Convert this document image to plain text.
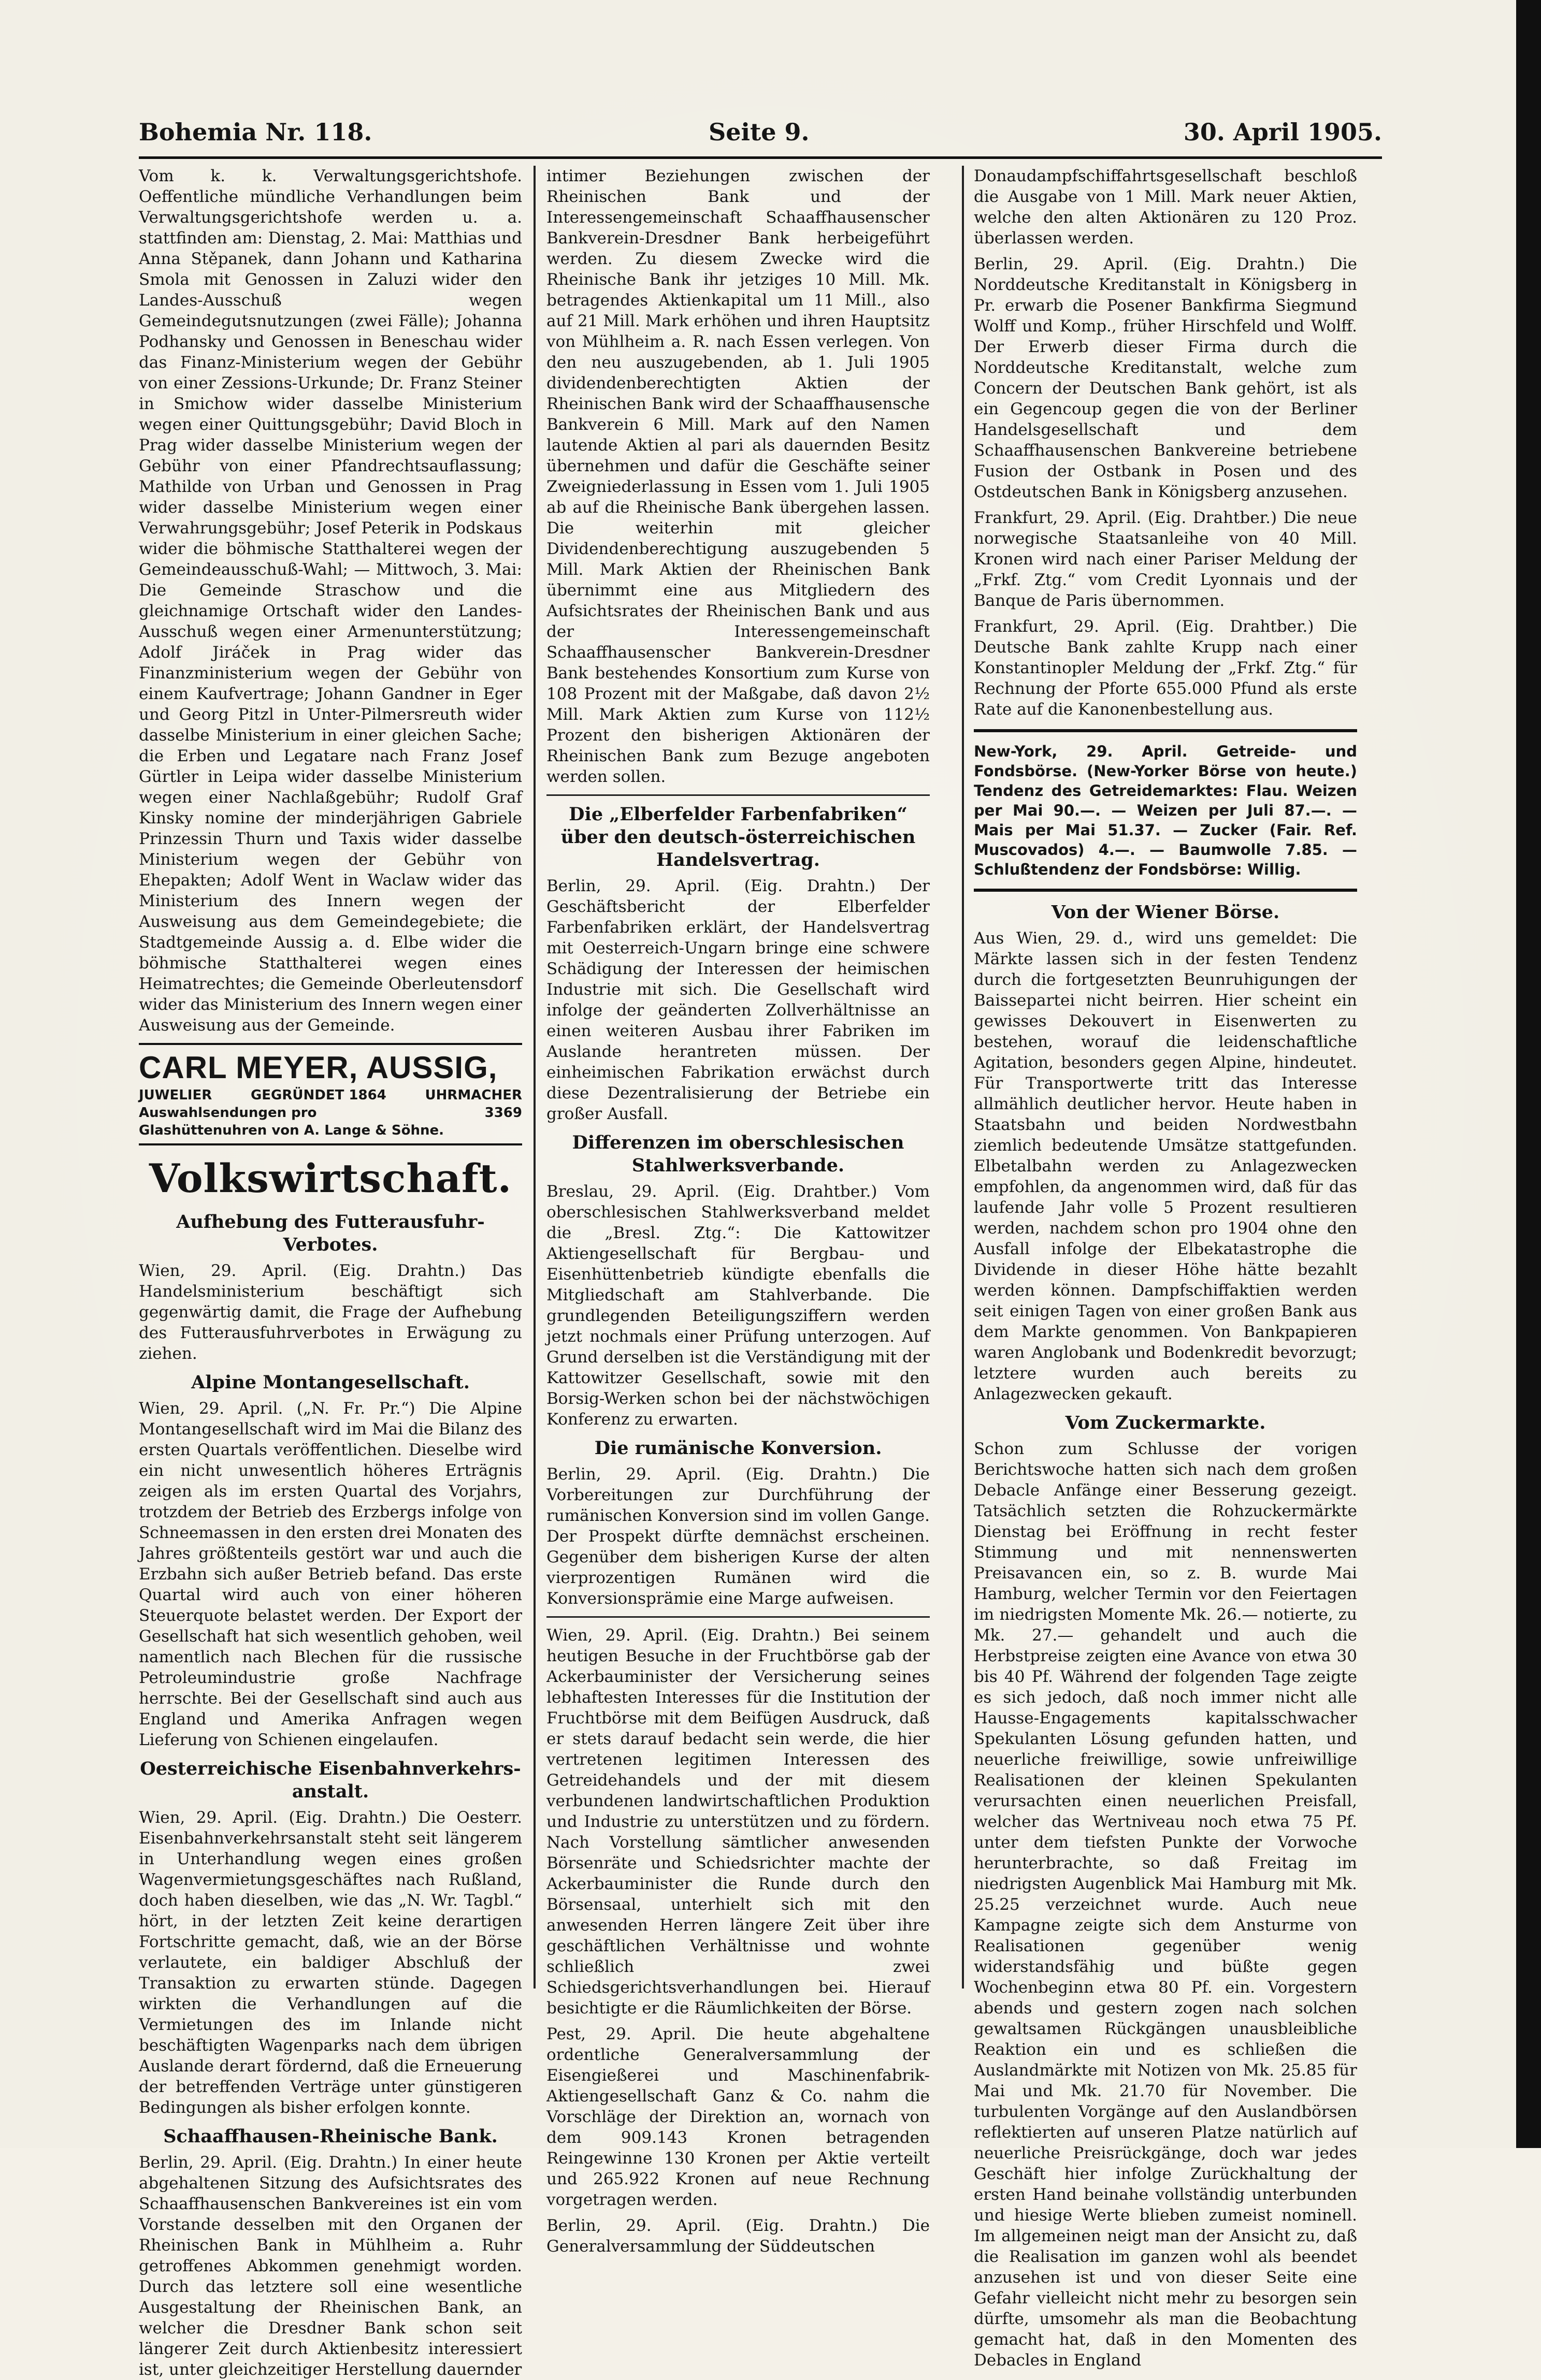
Bohemia Nr. 118.	Seite 9.	30. April 1905.

Vom k. k. Verwaltungsgerichtshofe. Oeffentliche mündliche Verhandlungen beim Verwaltungsgerichtshofe werden u. a. stattfinden am: Dienstag, 2. Mai: Matthias und Anna Stěpanek, dann Johann und Katharina Smola mit Genossen in Zaluzi wider den Landes-Ausschuß wegen Gemeindegutsnutzungen (zwei Fälle); Johanna Podhansky und Genossen in Beneschau wider das Finanz-Ministerium wegen der Gebühr von einer Zessions-Urkunde; Dr. Franz Steiner in Smichow wider dasselbe Ministerium wegen einer Quittungsgebühr; David Bloch in Prag wider dasselbe Ministerium wegen der Gebühr von einer Pfandrechtsauflassung; Mathilde von Urban und Genossen in Prag wider dasselbe Ministerium wegen einer Verwahrungsgebühr; Josef Peterik in Podskaus wider die böhmische Statthalterei wegen der Gemeindeausschuß-Wahl; — Mittwoch, 3. Mai: Die Gemeinde Straschow und die gleichnamige Ortschaft wider den Landes-Ausschuß wegen einer Armenunterstützung; Adolf Jiráček in Prag wider das Finanzministerium wegen der Gebühr von einem Kaufvertrage; Johann Gandner in Eger und Georg Pitzl in Unter-Pilmersreuth wider dasselbe Ministerium in einer gleichen Sache; die Erben und Legatare nach Franz Josef Gürtler in Leipa wider dasselbe Ministerium wegen einer Nachlaßgebühr; Rudolf Graf Kinsky nomine der minderjährigen Gabriele Prinzessin Thurn und Taxis wider dasselbe Ministerium wegen der Gebühr von Ehepakten; Adolf Went in Waclaw wider das Ministerium des Innern wegen der Ausweisung aus dem Gemeindegebiete; die Stadtgemeinde Aussig a. d. Elbe wider die böhmische Statthalterei wegen eines Heimatrechtes; die Gemeinde Oberleutensdorf wider das Ministerium des Innern wegen einer Ausweisung aus der Gemeinde.

CARL MEYER, AUSSIG,
JUWELIER	GEGRÜNDET 1864	UHRMACHER
Auswahlsendungen pro	3369
Glashüttenuhren von A. Lange & Söhne.
Volkswirtschaft.
Aufhebung des Futterausfuhr-Verbotes.

Wien, 29. April. (Eig. Drahtn.) Das Handelsministerium beschäftigt sich gegenwärtig damit, die Frage der Aufhebung des Futterausfuhrverbotes in Erwägung zu ziehen.

Alpine Montangesellschaft.

Wien, 29. April. („N. Fr. Pr.“) Die Alpine Montangesellschaft wird im Mai die Bilanz des ersten Quartals veröffentlichen. Dieselbe wird ein nicht unwesentlich höheres Erträgnis zeigen als im ersten Quartal des Vorjahrs, trotzdem der Betrieb des Erzbergs infolge von Schneemassen in den ersten drei Monaten des Jahres größtenteils gestört war und auch die Erzbahn sich außer Betrieb befand. Das erste Quartal wird auch von einer höheren Steuerquote belastet werden. Der Export der Gesellschaft hat sich wesentlich gehoben, weil namentlich nach Blechen für die russische Petroleumindustrie große Nachfrage herrschte. Bei der Gesellschaft sind auch aus England und Amerika Anfragen wegen Lieferung von Schienen eingelaufen.

Oesterreichische Eisenbahnverkehrs-anstalt.

Wien, 29. April. (Eig. Drahtn.) Die Oesterr. Eisenbahnverkehrsanstalt steht seit längerem in Unterhandlung wegen eines großen Wagenvermietungsgeschäftes nach Rußland, doch haben dieselben, wie das „N. Wr. Tagbl.“ hört, in der letzten Zeit keine derartigen Fortschritte gemacht, daß, wie an der Börse verlautete, ein baldiger Abschluß der Transaktion zu erwarten stünde. Dagegen wirkten die Verhandlungen auf die Vermietungen des im Inlande nicht beschäftigten Wagenparks nach dem übrigen Auslande derart fördernd, daß die Erneuerung der betreffenden Verträge unter günstigeren Bedingungen als bisher erfolgen konnte.

Schaaffhausen-Rheinische Bank.

Berlin, 29. April. (Eig. Drahtn.) In einer heute abgehaltenen Sitzung des Aufsichtsrates des Schaaffhausenschen Bankvereines ist ein vom Vorstande desselben mit den Organen der Rheinischen Bank in Mühlheim a. Ruhr getroffenes Abkommen genehmigt worden. Durch das letztere soll eine wesentliche Ausgestaltung der Rheinischen Bank, an welcher die Dresdner Bank schon seit längerer Zeit durch Aktienbesitz interessiert ist, unter gleichzeitiger Herstellung dauernder

intimer Beziehungen zwischen der Rheinischen Bank und der Interessengemeinschaft Schaaffhausenscher Bankverein-Dresdner Bank herbeigeführt werden. Zu diesem Zwecke wird die Rheinische Bank ihr jetziges 10 Mill. Mk. betragendes Aktienkapital um 11 Mill., also auf 21 Mill. Mark erhöhen und ihren Hauptsitz von Mühlheim a. R. nach Essen verlegen. Von den neu auszugebenden, ab 1. Juli 1905 dividendenberechtigten Aktien der Rheinischen Bank wird der Schaaffhausensche Bankverein 6 Mill. Mark auf den Namen lautende Aktien al pari als dauernden Besitz übernehmen und dafür die Geschäfte seiner Zweigniederlassung in Essen vom 1. Juli 1905 ab auf die Rheinische Bank übergehen lassen. Die weiterhin mit gleicher Dividendenberechtigung auszugebenden 5 Mill. Mark Aktien der Rheinischen Bank übernimmt eine aus Mitgliedern des Aufsichtsrates der Rheinischen Bank und aus der Interessengemeinschaft Schaaffhausenscher Bankverein-Dresdner Bank bestehendes Konsortium zum Kurse von 108 Prozent mit der Maßgabe, daß davon 2½ Mill. Mark Aktien zum Kurse von 112½ Prozent den bisherigen Aktionären der Rheinischen Bank zum Bezuge angeboten werden sollen.

Die „Elberfelder Farbenfabriken“ über den deutsch-österreichischen Handelsvertrag.

Berlin, 29. April. (Eig. Drahtn.) Der Geschäftsbericht der Elberfelder Farbenfabriken erklärt, der Handelsvertrag mit Oesterreich-Ungarn bringe eine schwere Schädigung der Interessen der heimischen Industrie mit sich. Die Gesellschaft wird infolge der geänderten Zollverhältnisse an einen weiteren Ausbau ihrer Fabriken im Auslande herantreten müssen. Der einheimischen Fabrikation erwächst durch diese Dezentralisierung der Betriebe ein großer Ausfall.

Differenzen im oberschlesischen Stahlwerksverbande.

Breslau, 29. April. (Eig. Drahtber.) Vom oberschlesischen Stahlwerksverband meldet die „Bresl. Ztg.“: Die Kattowitzer Aktiengesellschaft für Bergbau- und Eisenhüttenbetrieb kündigte ebenfalls die Mitgliedschaft am Stahlverbande. Die grundlegenden Beteiligungsziffern werden jetzt nochmals einer Prüfung unterzogen. Auf Grund derselben ist die Verständigung mit der Kattowitzer Gesellschaft, sowie mit den Borsig-Werken schon bei der nächstwöchigen Konferenz zu erwarten.

Die rumänische Konversion.

Berlin, 29. April. (Eig. Drahtn.) Die Vorbereitungen zur Durchführung der rumänischen Konversion sind im vollen Gange. Der Prospekt dürfte demnächst erscheinen. Gegenüber dem bisherigen Kurse der alten vierprozentigen Rumänen wird die Konversionsprämie eine Marge aufweisen.

Wien, 29. April. (Eig. Drahtn.) Bei seinem heutigen Besuche in der Fruchtbörse gab der Ackerbauminister der Versicherung seines lebhaftesten Interesses für die Institution der Fruchtbörse mit dem Beifügen Ausdruck, daß er stets darauf bedacht sein werde, die hier vertretenen legitimen Interessen des Getreidehandels und der mit diesem verbundenen landwirtschaftlichen Produktion und Industrie zu unterstützen und zu fördern. Nach Vorstellung sämtlicher anwesenden Börsenräte und Schiedsrichter machte der Ackerbauminister die Runde durch den Börsensaal, unterhielt sich mit den anwesenden Herren längere Zeit über ihre geschäftlichen Verhältnisse und wohnte schließlich zwei Schiedsgerichtsverhandlungen bei. Hierauf besichtigte er die Räumlichkeiten der Börse.

Pest, 29. April. Die heute abgehaltene ordentliche Generalversammlung der Eisengießerei und Maschinenfabrik-Aktiengesellschaft Ganz & Co. nahm die Vorschläge der Direktion an, wornach von dem 909.143 Kronen betragenden Reingewinne 130 Kronen per Aktie verteilt und 265.922 Kronen auf neue Rechnung vorgetragen werden.

Berlin, 29. April. (Eig. Drahtn.) Die Generalversammlung der Süddeutschen

Donaudampfschiffahrtsgesellschaft beschloß die Ausgabe von 1 Mill. Mark neuer Aktien, welche den alten Aktionären zu 120 Proz. überlassen werden.

Berlin, 29. April. (Eig. Drahtn.) Die Norddeutsche Kreditanstalt in Königsberg in Pr. erwarb die Posener Bankfirma Siegmund Wolff und Komp., früher Hirschfeld und Wolff. Der Erwerb dieser Firma durch die Norddeutsche Kreditanstalt, welche zum Concern der Deutschen Bank gehört, ist als ein Gegencoup gegen die von der Berliner Handelsgesellschaft und dem Schaaffhausenschen Bankvereine betriebene Fusion der Ostbank in Posen und des Ostdeutschen Bank in Königsberg anzusehen.

Frankfurt, 29. April. (Eig. Drahtber.) Die neue norwegische Staatsanleihe von 40 Mill. Kronen wird nach einer Pariser Meldung der „Frkf. Ztg.“ vom Credit Lyonnais und der Banque de Paris übernommen.

Frankfurt, 29. April. (Eig. Drahtber.) Die Deutsche Bank zahlte Krupp nach einer Konstantinopler Meldung der „Frkf. Ztg.“ für Rechnung der Pforte 655.000 Pfund als erste Rate auf die Kanonenbestellung aus.

New-York, 29. April. Getreide- und Fondsbörse. (New-Yorker Börse von heute.) Tendenz des Getreidemarktes: Flau. Weizen per Mai 90.—. — Weizen per Juli 87.—. — Mais per Mai 51.37. — Zucker (Fair. Ref. Muscovados) 4.—. — Baumwolle 7.85. — Schlußtendenz der Fondsbörse: Willig.

Von der Wiener Börse.

Aus Wien, 29. d., wird uns gemeldet: Die Märkte lassen sich in der festen Tendenz durch die fortgesetzten Beunruhigungen der Baissepartei nicht beirren. Hier scheint ein gewisses Dekouvert in Eisenwerten zu bestehen, worauf die leidenschaftliche Agitation, besonders gegen Alpine, hindeutet. Für Transportwerte tritt das Interesse allmählich deutlicher hervor. Heute haben in Staatsbahn und beiden Nordwestbahn ziemlich bedeutende Umsätze stattgefunden. Elbetalbahn werden zu Anlagezwecken empfohlen, da angenommen wird, daß für das laufende Jahr volle 5 Prozent resultieren werden, nachdem schon pro 1904 ohne den Ausfall infolge der Elbekatastrophe die Dividende in dieser Höhe hätte bezahlt werden können. Dampfschiffaktien werden seit einigen Tagen von einer großen Bank aus dem Markte genommen. Von Bankpapieren waren Anglobank und Bodenkredit bevorzugt; letztere wurden auch bereits zu Anlagezwecken gekauft.

Vom Zuckermarkte.

Schon zum Schlusse der vorigen Berichtswoche hatten sich nach dem großen Debacle Anfänge einer Besserung gezeigt. Tatsächlich setzten die Rohzuckermärkte Dienstag bei Eröffnung in recht fester Stimmung und mit nennenswerten Preisavancen ein, so z. B. wurde Mai Hamburg, welcher Termin vor den Feiertagen im niedrigsten Momente Mk. 26.— notierte, zu Mk. 27.— gehandelt und auch die Herbstpreise zeigten eine Avance von etwa 30 bis 40 Pf. Während der folgenden Tage zeigte es sich jedoch, daß noch immer nicht alle Hausse-Engagements kapitalsschwacher Spekulanten Lösung gefunden hatten, und neuerliche freiwillige, sowie unfreiwillige Realisationen der kleinen Spekulanten verursachten einen neuerlichen Preisfall, welcher das Wertniveau noch etwa 75 Pf. unter dem tiefsten Punkte der Vorwoche herunterbrachte, so daß Freitag im niedrigsten Augenblick Mai Hamburg mit Mk. 25.25 verzeichnet wurde. Auch neue Kampagne zeigte sich dem Ansturme von Realisationen gegenüber wenig widerstandsfähig und büßte gegen Wochenbeginn etwa 80 Pf. ein. Vorgestern abends und gestern zogen nach solchen gewaltsamen Rückgängen unausbleibliche Reaktion ein und es schließen die Auslandmärkte mit Notizen von Mk. 25.85 für Mai und Mk. 21.70 für November. Die turbulenten Vorgänge auf den Auslandbörsen reflektierten auf unseren Platze natürlich auf neuerliche Preisrückgänge, doch war jedes Geschäft hier infolge Zurückhaltung der ersten Hand beinahe vollständig unterbunden und hiesige Werte blieben zumeist nominell. Im allgemeinen neigt man der Ansicht zu, daß die Realisation im ganzen wohl als beendet anzusehen ist und von dieser Seite eine Gefahr vielleicht nicht mehr zu besorgen sein dürfte, umsomehr als man die Beobachtung gemacht hat, daß in den Momenten des Debacles in England
